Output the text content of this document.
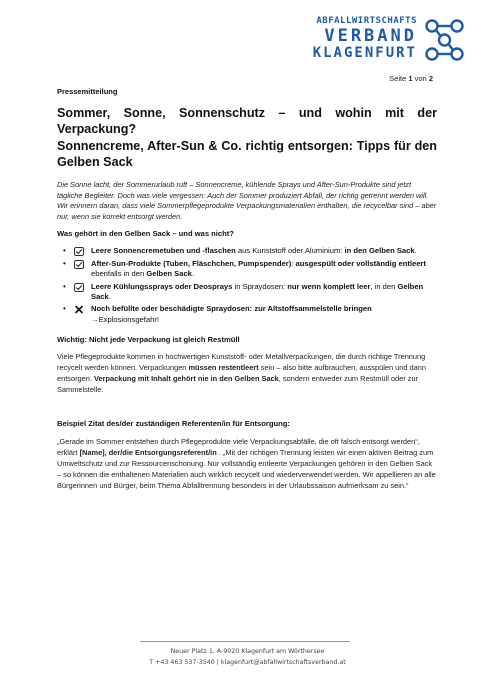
ABFALLWIRTSCHAFTS
VERBAND
KLAGENFURT
Seite 1 von 2

Pressemitteilung

Sommer, Sonne, Sonnenschutz – und wohin mit der Verpackung?

Sonnencreme, After-Sun & Co. richtig entsorgen: Tipps für den Gelben Sack

Die Sonne lacht, der Sommerurlaub ruft – Sonnencreme, kühlende Sprays und After-Sun-Produkte sind jetzt tägliche Begleiter. Doch was viele vergessen: Auch der Sommer produziert Abfall, der richtig getrennt werden will. Wir erinnern daran, dass viele Sommerpflegeprodukte Verpackungsmaterialien enthalten, die recycelbar sind – aber nur, wenn sie korrekt entsorgt werden.

Was gehört in den Gelben Sack – und was nicht?

•	Leere Sonnencremetuben und -flaschen aus Kunststoff oder Aluminium: in den Gelben Sack.
•	After-Sun-Produkte (Tuben, Fläschchen, Pumpspender): ausgespült oder vollständig entleert ebenfalls in den Gelben Sack.
•	Leere Kühlungssprays oder Deosprays in Spraydosen: nur wenn komplett leer, in den Gelben Sack.
•	Noch befüllte oder beschädigte Spraydosen: zur Altstoffsammelstelle bringen →Explosionsgefahr!

Wichtig: Nicht jede Verpackung ist gleich Restmüll

Viele Pflegeprodukte kommen in hochwertigen Kunststoff- oder Metallverpackungen, die durch richtige Trennung recycelt werden können. Verpackungen müssen restentleert sein – also bitte aufbrauchen, ausspülen und dann entsorgen. Verpackung mit Inhalt gehört nie in den Gelben Sack, sondern entweder zum Restmüll oder zur Sammelstelle.

Beispiel Zitat des/der zuständigen Referenten/in für Entsorgung:

„Gerade im Sommer entstehen durch Pflegeprodukte viele Verpackungsabfälle, die oft falsch entsorgt werden“, erklärt [Name], der/die Entsorgungsreferent/in . „Mit der richtigen Trennung leisten wir einen aktiven Beitrag zum Umweltschutz und zur Ressourcenschonung. Nur vollständig entleerte Verpackungen gehören in den Gelben Sack – so können die enthaltenen Materialien auch wirklich recycelt und wiederverwendet werden. Wir appellieren an alle Bürgerinnen und Bürger, beim Thema Abfalltrennung besonders in der Urlaubssaison aufmerksam zu sein.“

Neuer Platz 1, A-9020 Klagenfurt am Wörthersee
T +43 463 537-3540 | klagenfurt@abfallwirtschaftsverband.at
